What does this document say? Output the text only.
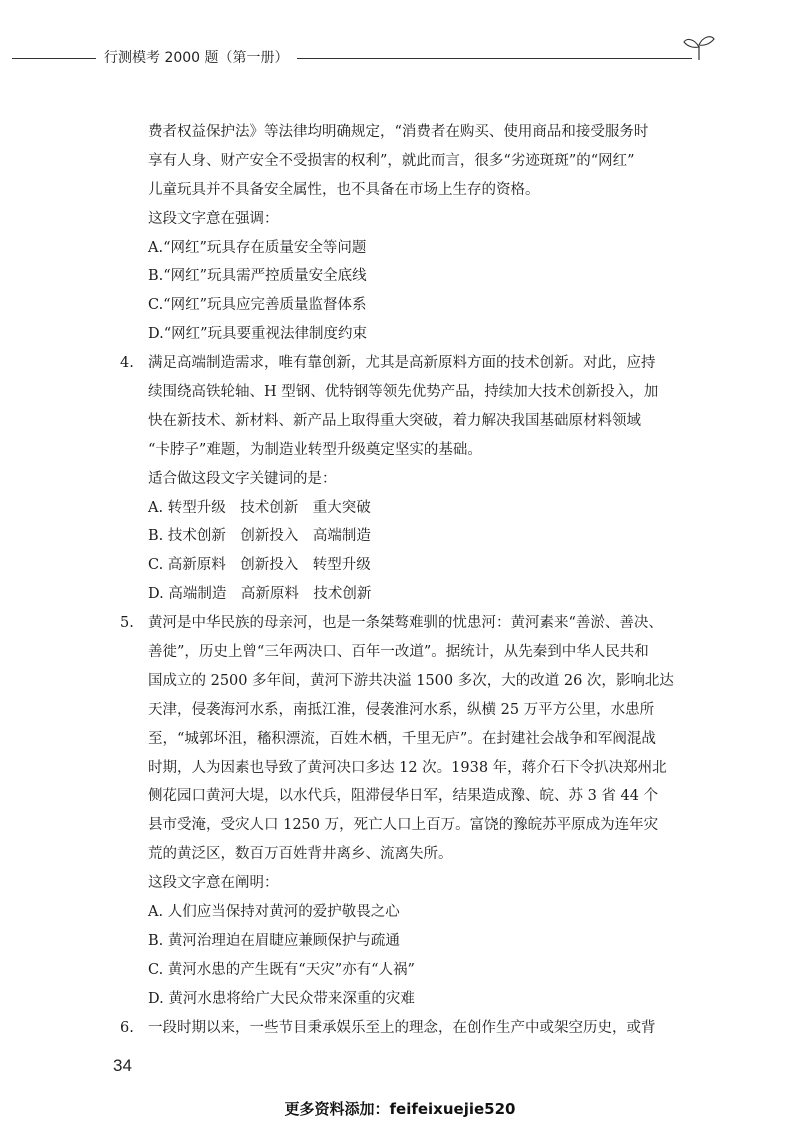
行测模考 2000 题（第一册）
费者权益保护法》等法律均明确规定，“消费者在购买、使用商品和接受服务时
享有人身、财产安全不受损害的权利”，就此而言，很多“劣迹斑斑”的“网红”
儿童玩具并不具备安全属性，也不具备在市场上生存的资格。
这段文字意在强调：
A.“网红”玩具存在质量安全等问题
B.“网红”玩具需严控质量安全底线
C.“网红”玩具应完善质量监督体系
D.“网红”玩具要重视法律制度约束
4. 满足高端制造需求，唯有靠创新，尤其是高新原料方面的技术创新。对此，应持
续围绕高铁轮轴、H 型钢、优特钢等领先优势产品，持续加大技术创新投入，加
快在新技术、新材料、新产品上取得重大突破，着力解决我国基础原材料领域
“卡脖子”难题，为制造业转型升级奠定坚实的基础。
适合做这段文字关键词的是：
A. 转型升级　技术创新　重大突破
B. 技术创新　创新投入　高端制造
C. 高新原料　创新投入　转型升级
D. 高端制造　高新原料　技术创新
5. 黄河是中华民族的母亲河，也是一条桀骜难驯的忧患河：黄河素来“善淤、善决、
善徙”，历史上曾“三年两决口、百年一改道”。据统计，从先秦到中华人民共和
国成立的 2500 多年间，黄河下游共决溢 1500 多次，大的改道 26 次，影响北达
天津，侵袭海河水系，南抵江淮，侵袭淮河水系，纵横 25 万平方公里，水患所
至，“城郭坏沮，稸积漂流，百姓木栖，千里无庐”。在封建社会战争和军阀混战
时期，人为因素也导致了黄河决口多达 12 次。1938 年，蒋介石下令扒决郑州北
侧花园口黄河大堤，以水代兵，阻滞侵华日军，结果造成豫、皖、苏 3 省 44 个
县市受淹，受灾人口 1250 万，死亡人口上百万。富饶的豫皖苏平原成为连年灾
荒的黄泛区，数百万百姓背井离乡、流离失所。
这段文字意在阐明：
A. 人们应当保持对黄河的爱护敬畏之心
B. 黄河治理迫在眉睫应兼顾保护与疏通
C. 黄河水患的产生既有“天灾”亦有“人祸”
D. 黄河水患将给广大民众带来深重的灾难
6. 一段时期以来，一些节目秉承娱乐至上的理念，在创作生产中或架空历史，或背
34
更多资料添加：feifeixuejie520
